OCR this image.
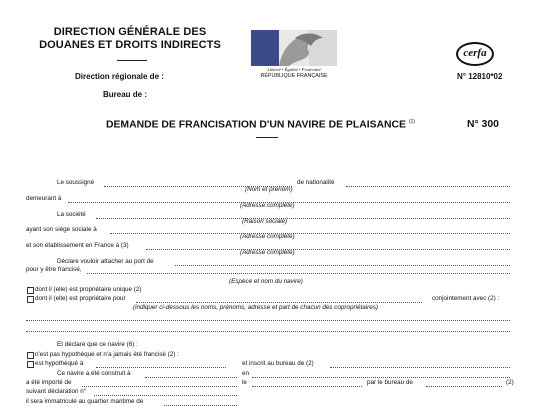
DIRECTION GÉNÉRALE DES
DOUANES ET DROITS INDIRECTS
Direction régionale de :
Bureau de :
Liberté • Égalité • Fraternité
RÉPUBLIQUE FRANÇAISE
cerfa
N° 12810*02
DEMANDE DE FRANCISATION D'UN NAVIRE DE PLAISANCE $^{(1)}$	N° 300
Le soussigné	de nationalité
(Nom et prénom)
demeurant à
(Adresse complète)
La société
(Raison sociale)
ayant son siège sociale à
(Adresse complète)
et son établissement en France à (3)
(Adresse complète)
Déclare vouloir attacher au port de
pour y être francisé,
(Espèce et nom du navire)
dont il (elle) est propriétaire unique (2)
dont il (elle) est propriétaire pour	conjointement avec (2) :
(indiquer ci-dessous les noms, prénoms, adresse et part de chacun des copropriétaires)
Et déclare que ce navire (6) :
n'est pas hypothéqué et n'a jamais été francisé (2) :
est hypothéqué à	et inscrit au bureau de (2)
Ce navire a été construit à	en
a été importé de	le	par le bureau de	(2)
suivant déclaration n°
il sera immatriculé au quartier maritime de
